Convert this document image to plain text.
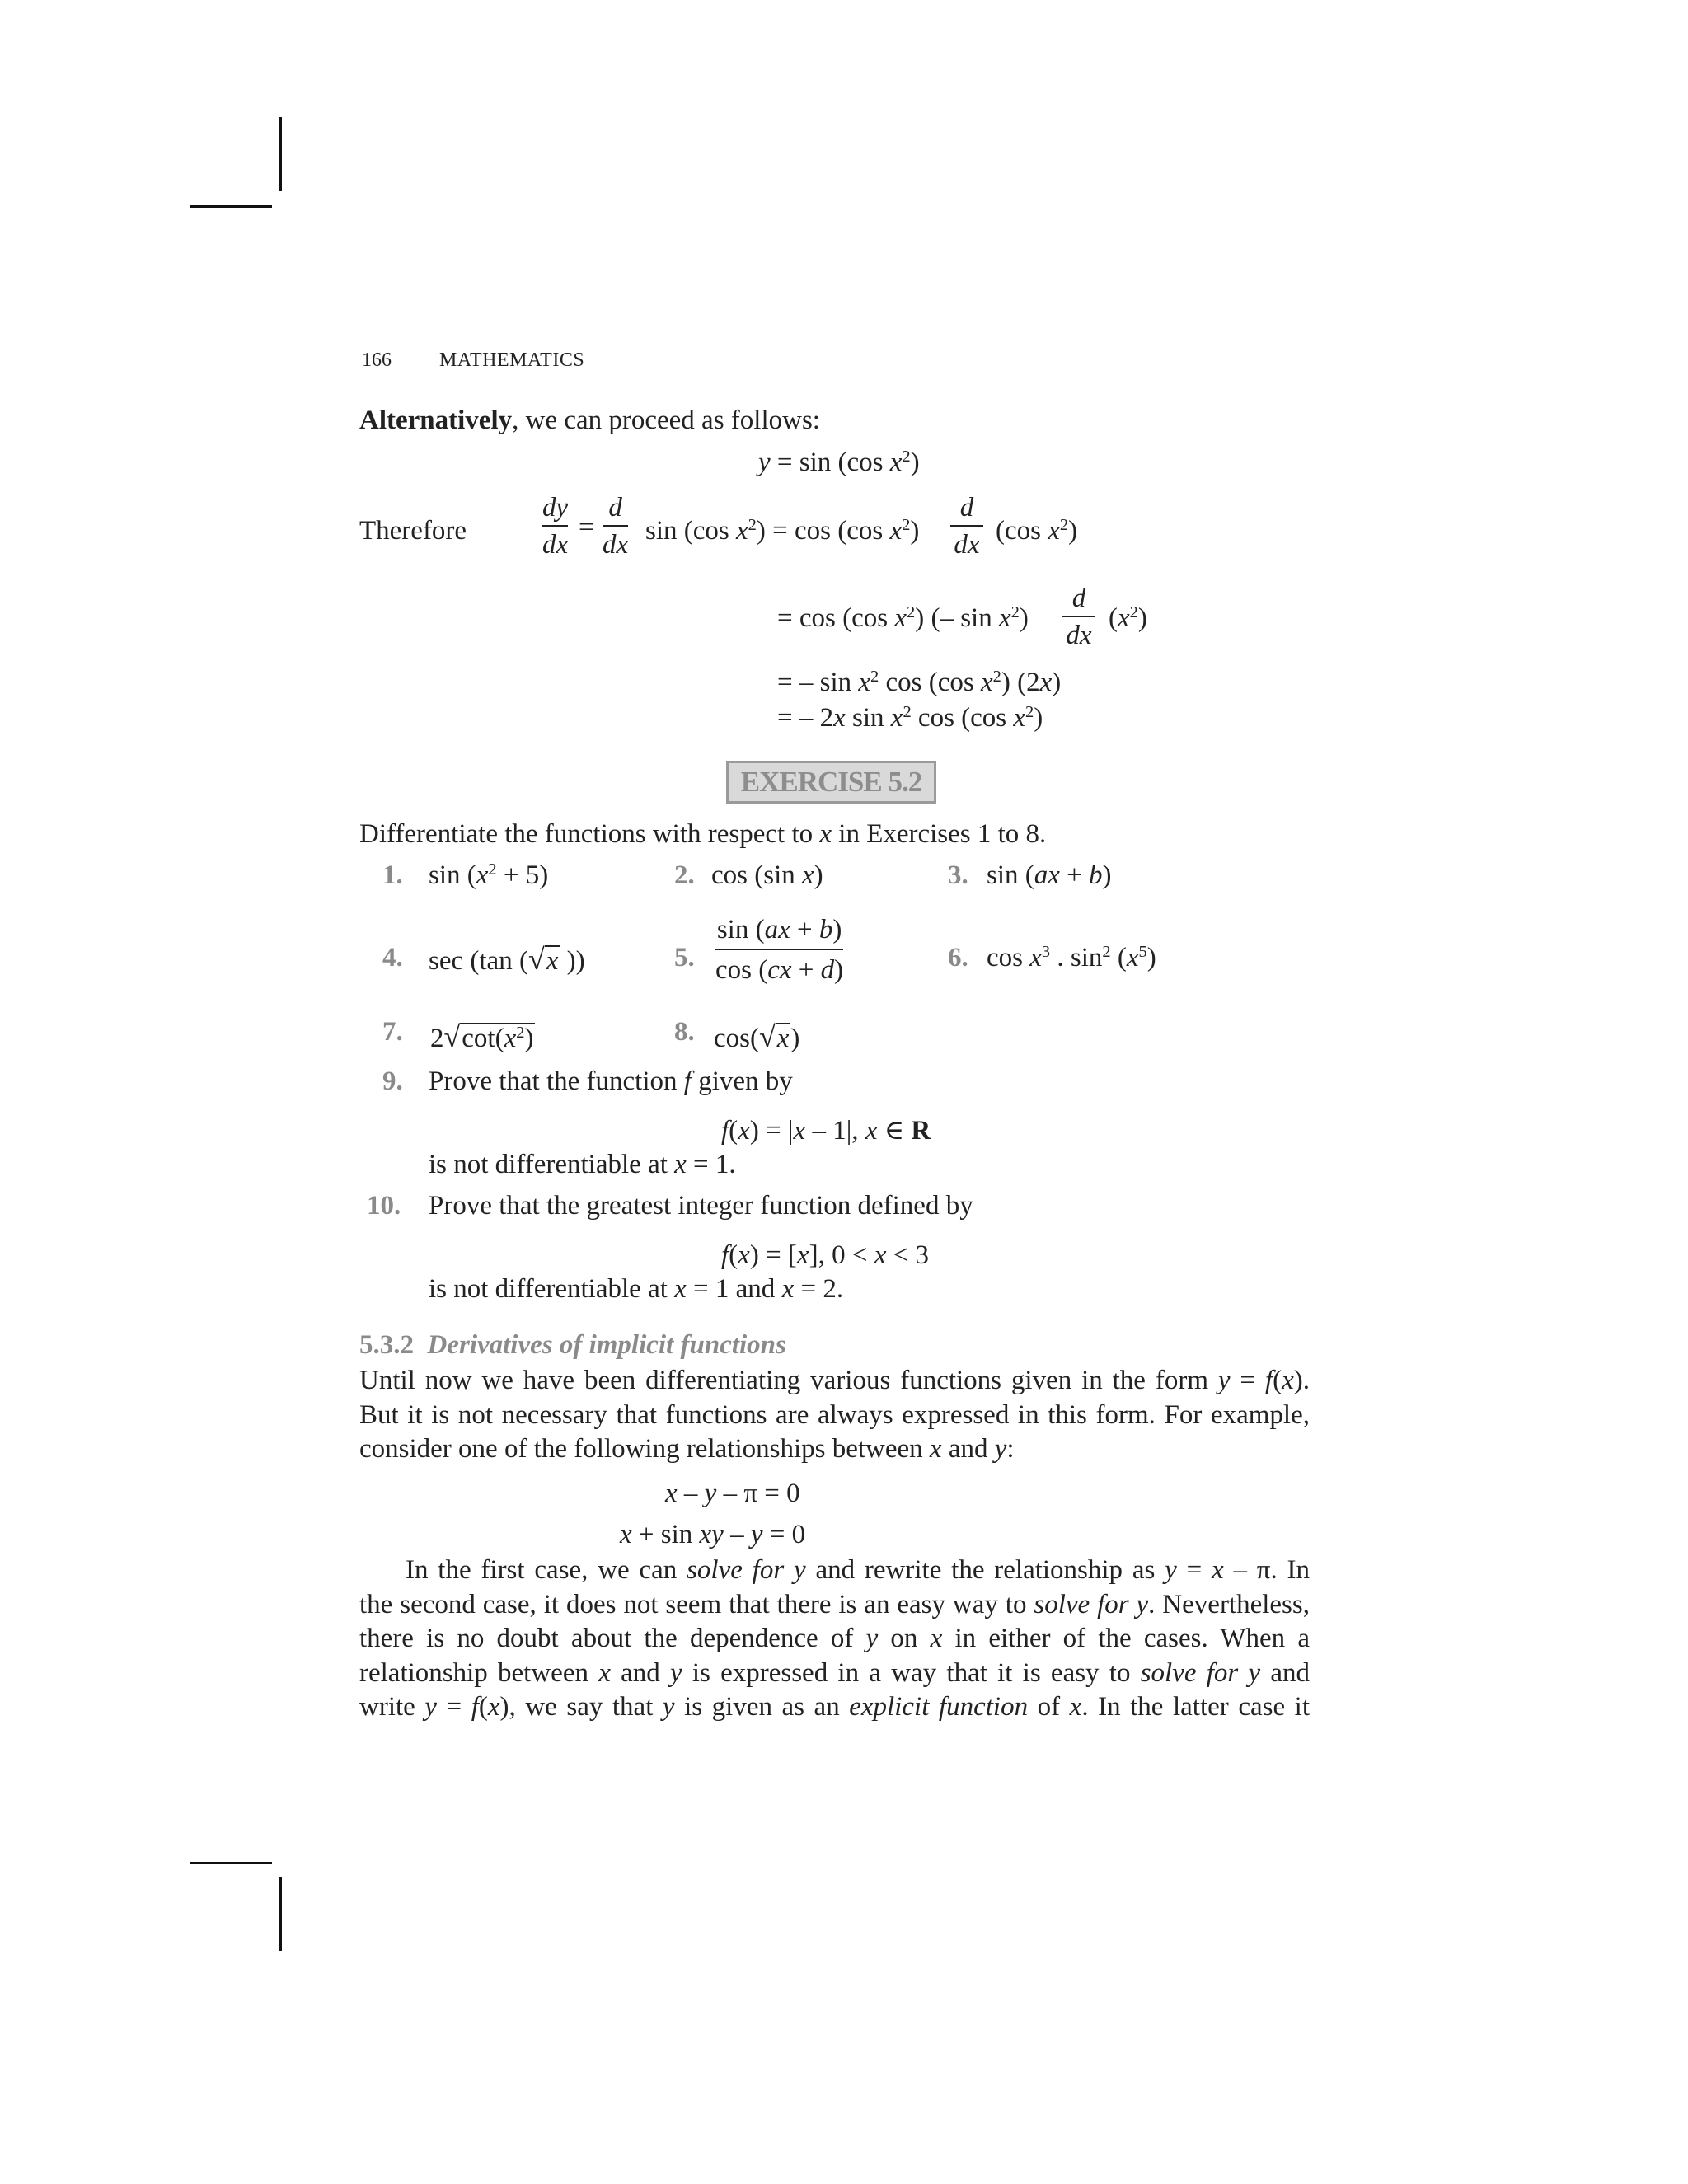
166 MATHEMATICS
Alternatively, we can proceed as follows:
y = sin (cos $x^2$)
Therefore
dy
dx
=
d
dx sin (cos $x^2) = \cos (\cos$ $x^2$)
d
dx (cos $x^2$)
= cos (cos $x^2$) (– $\sin x^2$)
d
dx
$(x^2)$
= – $\sin x^2$ cos (cos $x^2$) (2x)
= – 2x $\sin x^2$ cos (cos $x^2$)
EXERCISE 5.2
Differentiate the functions with respect to x in Exercises 1 to 8.
1. $\sin (x^2 + 5)$	2. cos (sin x)	3. sin (ax + b)
4. sec (tan (√x ))	5.
sin (ax + b)
cos (cx + d)	6. $\cos x^3$ . $\sin^2 (x^5)$
7. $2√\cot(x^2)$	8. cos(√x)
9. Prove that the function f given by
f(x) = |x – 1|, x ∈ R
is not differentiable at x = 1.
10. Prove that the greatest integer function defined by
f(x) = [x], 0 < x < 3
is not differentiable at x = 1 and x = 2.
5.3.2 Derivatives of implicit functions
Until now we have been differentiating various functions given in the form y = f(x).
But it is not necessary that functions are always expressed in this form. For example,
consider one of the following relationships between x and y:
x – y – π = 0
x + sin xy – y = 0
In the first case, we can solve for y and rewrite the relationship as y = x – π. In
the second case, it does not seem that there is an easy way to solve for y. Nevertheless,
there is no doubt about the dependence of y on x in either of the cases. When a
relationship between x and y is expressed in a way that it is easy to solve for y and
write y = f(x), we say that y is given as an explicit function of x. In the latter case it
